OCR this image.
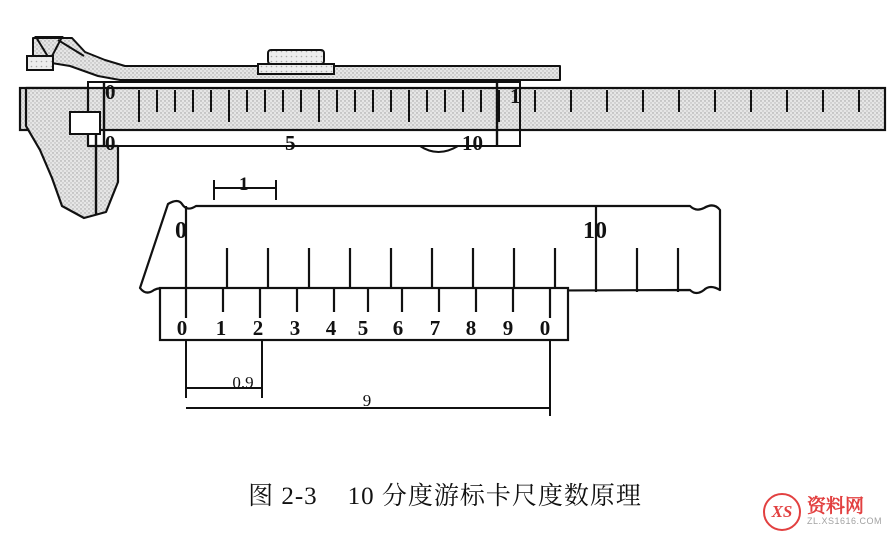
0
5
1
0	10
0
1
10
0 1 2 3 4 5 6 7 8 9 0
0.9
9
图 2-3 10 分度游标卡尺度数原理
XS 资料网
ZL.XS1616.COM
